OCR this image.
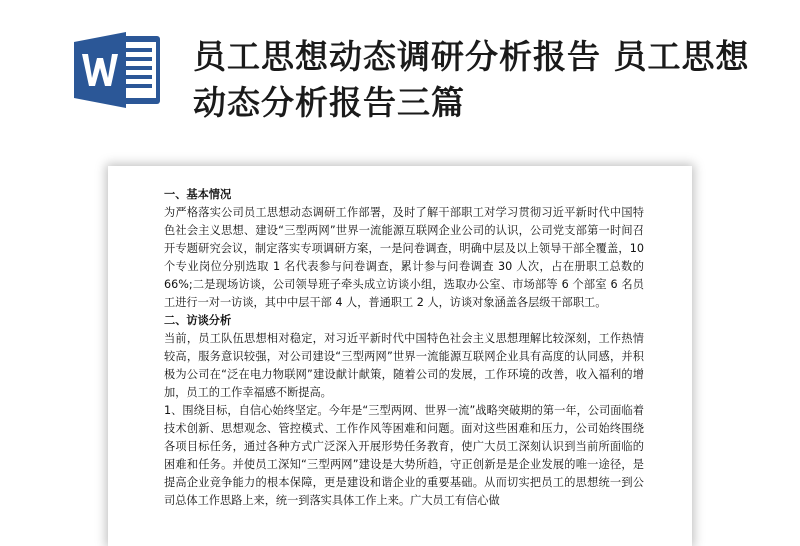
员工思想动态调研分析报告 员工思想动态分析报告三篇

一、基本情况

为严格落实公司员工思想动态调研工作部署，及时了解干部职工对学习贯彻习近平新时代中国特色社会主义思想、建设“三型两网”世界一流能源互联网企业公司的认识，公司党支部第一时间召开专题研究会议，制定落实专项调研方案，一是问卷调查，明确中层及以上领导干部全覆盖，10 个专业岗位分别选取 1 名代表参与问卷调查，累计参与问卷调查 30 人次，占在册职工总数的 66%;二是现场访谈，公司领导班子牵头成立访谈小组，选取办公室、市场部等 6 个部室 6 名员工进行一对一访谈，其中中层干部 4 人，普通职工 2 人，访谈对象涵盖各层级干部职工。

二、访谈分析

当前，员工队伍思想相对稳定，对习近平新时代中国特色社会主义思想理解比较深刻，工作热情较高，服务意识较强，对公司建设“三型两网”世界一流能源互联网企业具有高度的认同感，并积极为公司在“泛在电力物联网”建设献计献策，随着公司的发展，工作环境的改善，收入福利的增加，员工的工作幸福感不断提高。

1、围绕目标，自信心始终坚定。今年是“三型两网、世界一流”战略突破期的第一年，公司面临着技术创新、思想观念、管控模式、工作作风等困难和问题。面对这些困难和压力，公司始终围绕各项目标任务，通过各种方式广泛深入开展形势任务教育，使广大员工深刻认识到当前所面临的困难和任务。并使员工深知“三型两网”建设是大势所趋，守正创新是是企业发展的唯一途径，是提高企业竞争能力的根本保障，更是建设和谐企业的重要基础。从而切实把员工的思想统一到公司总体工作思路上来，统一到落实具体工作上来。广大员工有信心做
